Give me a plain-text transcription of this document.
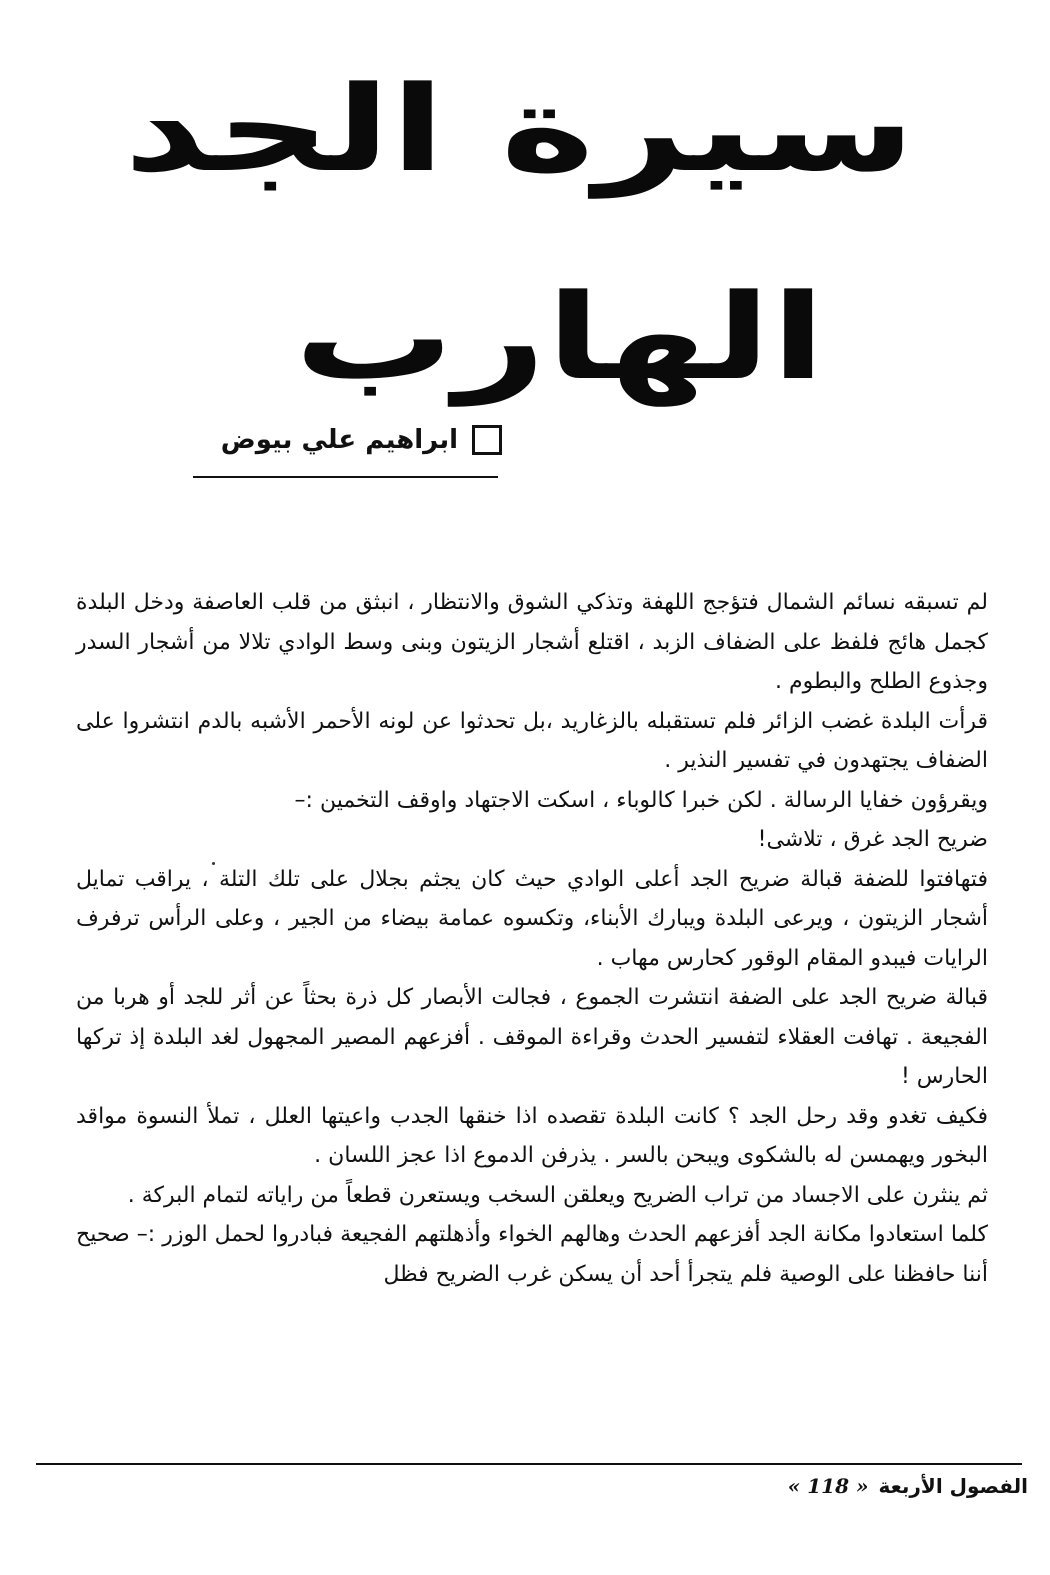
سيرة الجد
الهارب
ابراهيم علي بيوض

لم تسبقه نسائم الشمال فتؤجج اللهفة وتذكي الشوق والانتظار ، انبثق من قلب العاصفة ودخل البلدة كجمل هائج فلفظ على الضفاف الزبد ، اقتلع أشجار الزيتون وبنى وسط الوادي تلالا من أشجار السدر وجذوع الطلح والبطوم .

قرأت البلدة غضب الزائر فلم تستقبله بالزغاريد ،بل تحدثوا عن لونه الأحمر الأشبه بالدم انتشروا على الضفاف يجتهدون في تفسير النذير .

ويقرؤون خفايا الرسالة . لكن خبرا كالوباء ، اسكت الاجتهاد واوقف التخمين :–

ضريح الجد غرق ، تلاشى!

فتهافتوا للضفة قبالة ضريح الجد أعلى الوادي حيث كان يجثم بجلال على تلك التلة ، يراقب تمايل أشجار الزيتون ، ويرعى البلدة ويبارك الأبناء، وتكسوه عمامة بيضاء من الجير ، وعلى الرأس ترفرف الرايات فيبدو المقام الوقور كحارس مهاب .

قبالة ضريح الجد على الضفة انتشرت الجموع ، فجالت الأبصار كل ذرة بحثاً عن أثر للجد أو هربا من الفجيعة . تهافت العقلاء لتفسير الحدث وقراءة الموقف . أفزعهم المصير المجهول لغد البلدة إذ تركها الحارس !

فكيف تغدو وقد رحل الجد ؟ كانت البلدة تقصده اذا خنقها الجدب واعيتها العلل ، تملأ النسوة مواقد البخور ويهمسن له بالشكوى ويبحن بالسر . يذرفن الدموع اذا عجز اللسان .

ثم ينثرن على الاجساد من تراب الضريح ويعلقن السخب ويستعرن قطعاً من راياته لتمام البركة .

كلما استعادوا مكانة الجد أفزعهم الحدث وهالهم الخواء وأذهلتهم الفجيعة فبادروا لحمل الوزر :– صحيح أننا حافظنا على الوصية فلم يتجرأ أحد أن يسكن غرب الضريح فظل

الفصول الأربعة
« 118 »
